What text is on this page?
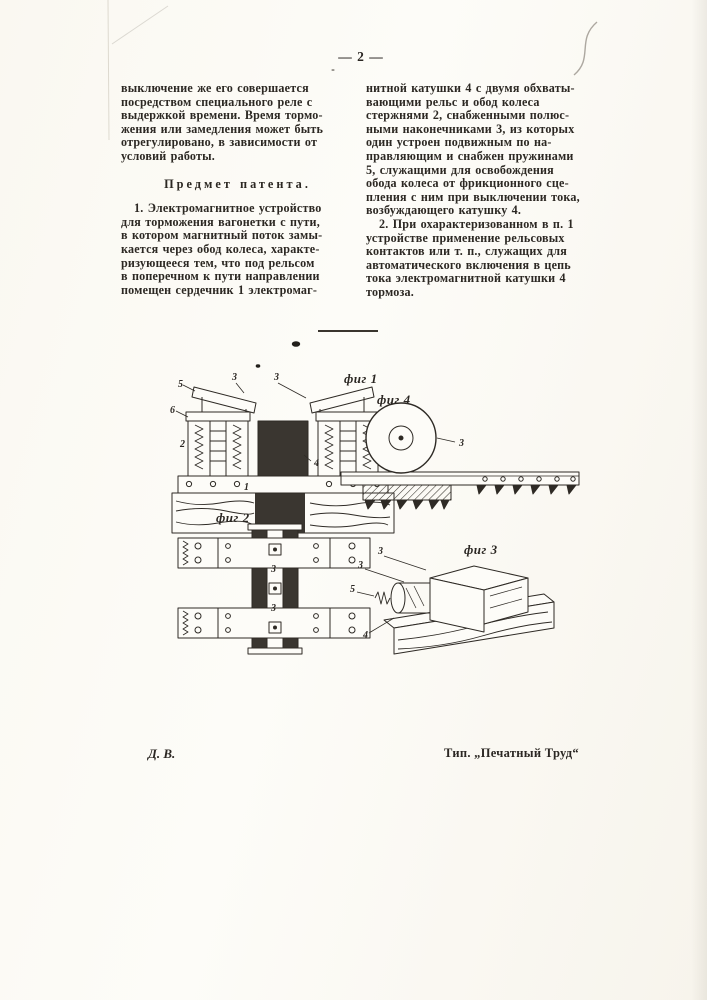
— 2 —
выключение же его совершается
посредством специального реле с
выдержкой времени. Время тормо-
жения или замедления может быть
отрегулировано, в зависимости от
условий работы.
Предмет патента.
1. Электромагнитное устройство
для торможения вагонетки с пути,
в котором магнитный поток замы-
кается через обод колеса, характе-
ризующееся тем, что под рельсом
в поперечном к пути направлении
помещен сердечник 1 электромаг-
нитной катушки 4 с двумя обхваты-
вающими рельс и обод колеса
стержнями 2, снабженными полюс-
ными наконечниками 3, из которых
один устроен подвижным по на-
правляющим и снабжен пружинами
5, служащими для освобождения
обода колеса от фрикционного сце-
пления с ним при выключении тока,
возбуждающего катушку 4.
2. При охарактеризованном в п. 1
устройстве применение рельсовых
контактов или т. п., служащих для
автоматического включения в цепь
тока электромагнитной катушки 4
тормоза.
фиг 1
5
3	3
6
2
1
4
фиг 4
3
фиг 2
3
3
фиг 3
3
3
5
4
Д. В.	Тип. „Печатный Труд“
